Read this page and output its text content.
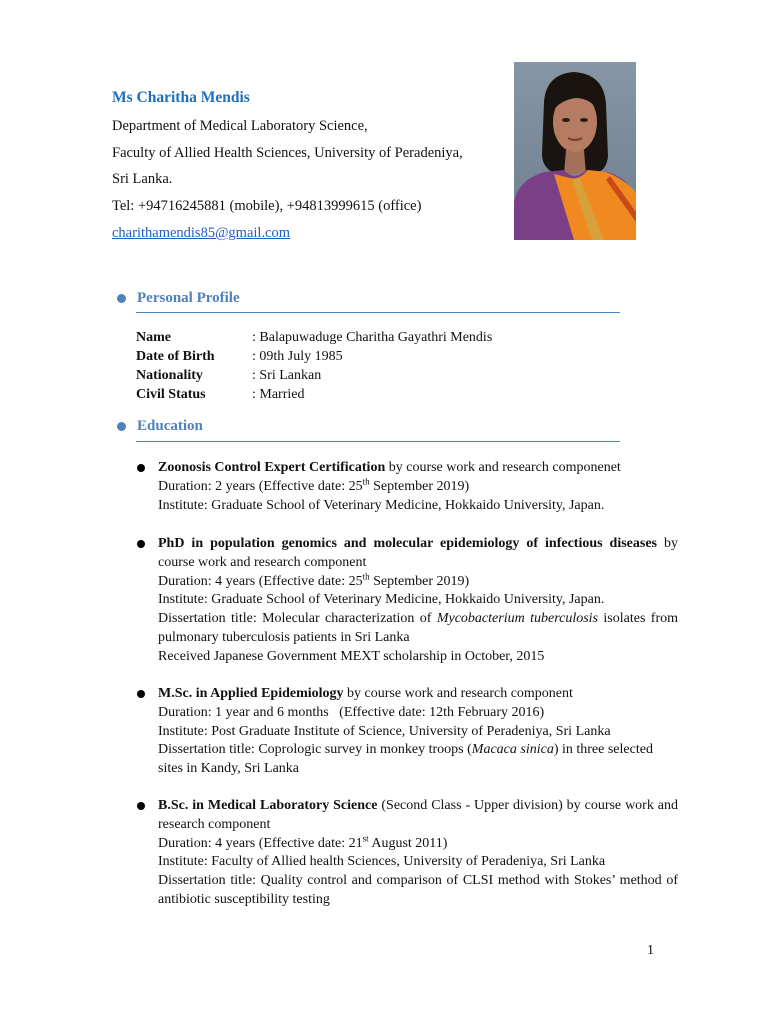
Ms Charitha Mendis
Department of Medical Laboratory Science,
Faculty of Allied Health Sciences, University of Peradeniya,
Sri Lanka.
Tel: +94716245881 (mobile), +94813999615 (office)
charithamendis85@gmail.com
Personal Profile
Name	: Balapuwaduge Charitha Gayathri Mendis
Date of Birth	: 09th July 1985
Nationality	: Sri Lankan
Civil Status	: Married
Education

Zoonosis Control Expert Certification by course work and research componenet

Duration: 2 years (Effective date: 25th September 2019)

Institute: Graduate School of Veterinary Medicine, Hokkaido University, Japan.

PhD in population genomics and molecular epidemiology of infectious diseases by course work and research component

Duration: 4 years (Effective date: 25th September 2019)

Institute: Graduate School of Veterinary Medicine, Hokkaido University, Japan.

Dissertation title: Molecular characterization of Mycobacterium tuberculosis isolates from pulmonary tuberculosis patients in Sri Lanka

Received Japanese Government MEXT scholarship in October, 2015

M.Sc. in Applied Epidemiology by course work and research component

Duration: 1 year and 6 months   (Effective date: 12th February 2016)

Institute: Post Graduate Institute of Science, University of Peradeniya, Sri Lanka

Dissertation title: Coprologic survey in monkey troops (Macaca sinica) in three selected sites in Kandy, Sri Lanka

B.Sc. in Medical Laboratory Science (Second Class - Upper division) by course work and research component

Duration: 4 years (Effective date: 21st August 2011)

Institute: Faculty of Allied health Sciences, University of Peradeniya, Sri Lanka

Dissertation title: Quality control and comparison of CLSI method with Stokes’ method of antibiotic susceptibility testing

1
